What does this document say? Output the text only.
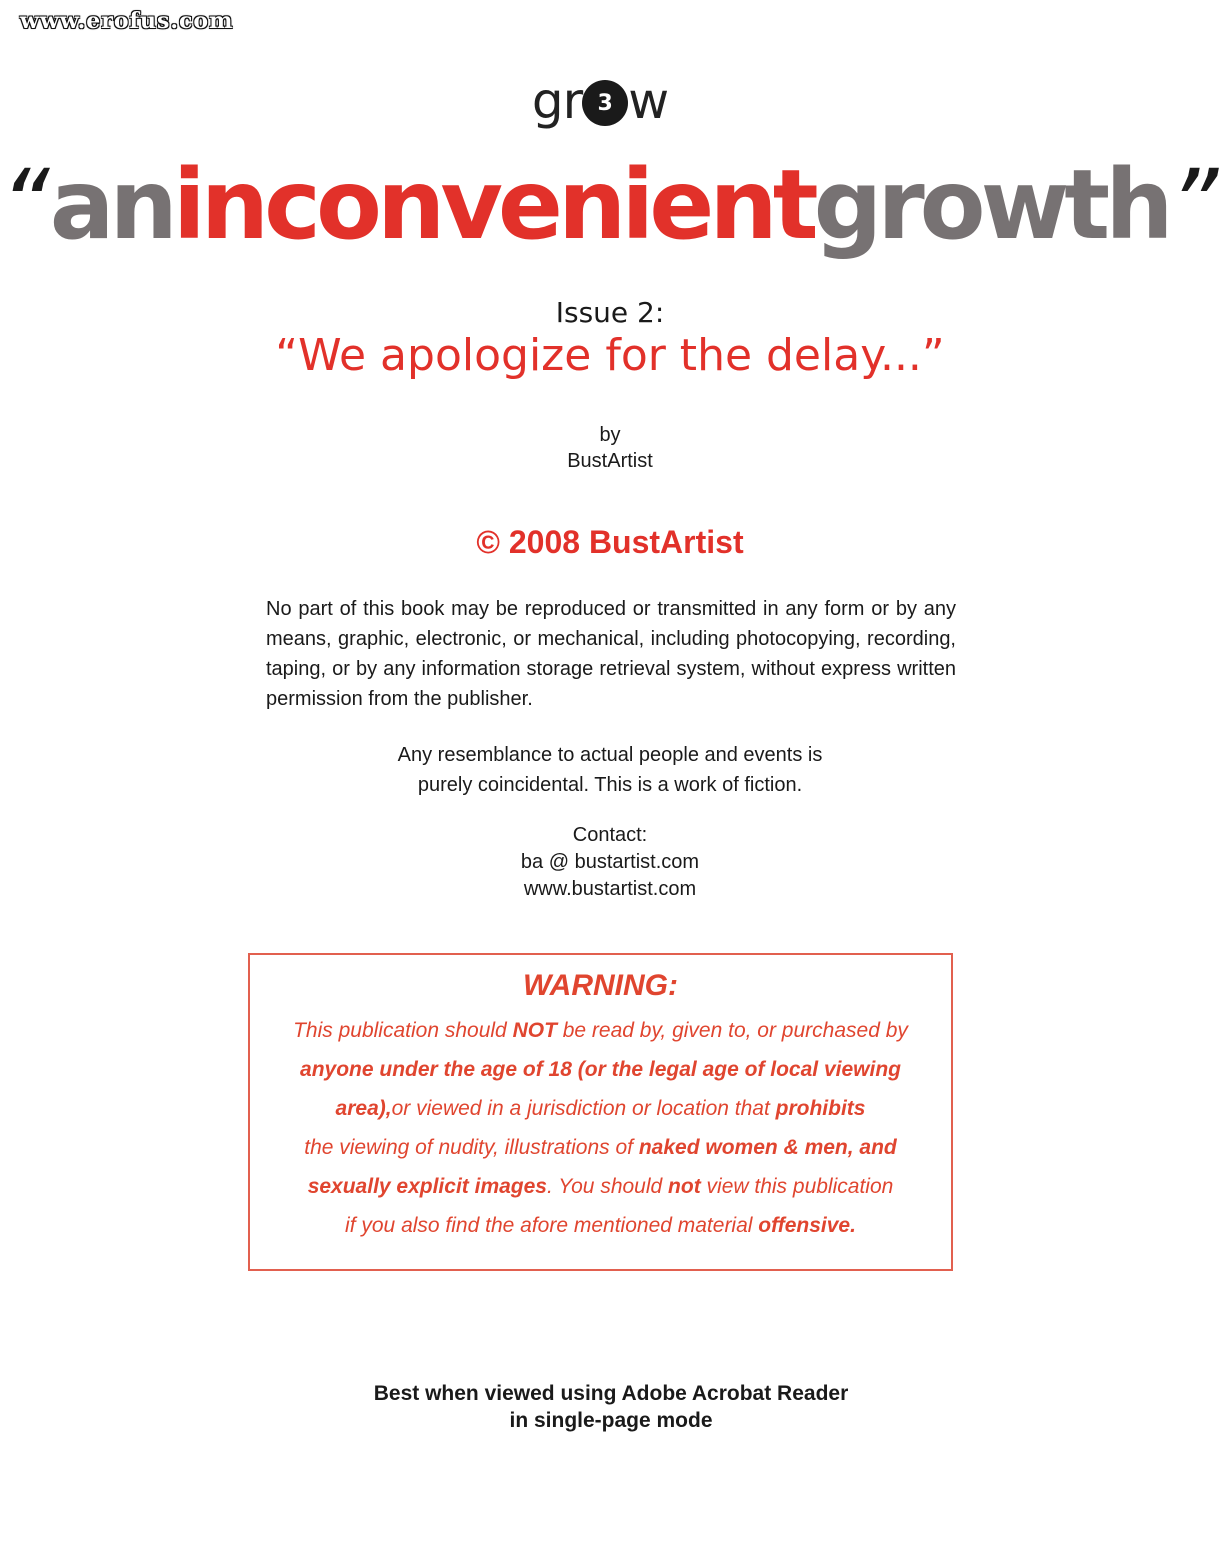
www.erofus.com
gr 3 w
“aninconvenientgrowth”
Issue 2:
“We apologize for the delay...”
by
BustArtist
© 2008 BustArtist
No part of this book may be reproduced or transmitted in any form or by any means, graphic, electronic, or mechanical, including photocopying, recording, taping, or by any information storage retrieval system, without express written permission from the publisher.
Any resemblance to actual people and events is
purely coincidental. This is a work of fiction.
Contact:
ba @ bustartist.com
www.bustartist.com
WARNING:
This publication should NOT be read by, given to, or purchased by
anyone under the age of 18 (or the legal age of local viewing
area),or viewed in a jurisdiction or location that prohibits
the viewing of nudity, illustrations of naked women & men, and
sexually explicit images. You should not view this publication
if you also find the afore mentioned material offensive.
Best when viewed using Adobe Acrobat Reader
in single-page mode
